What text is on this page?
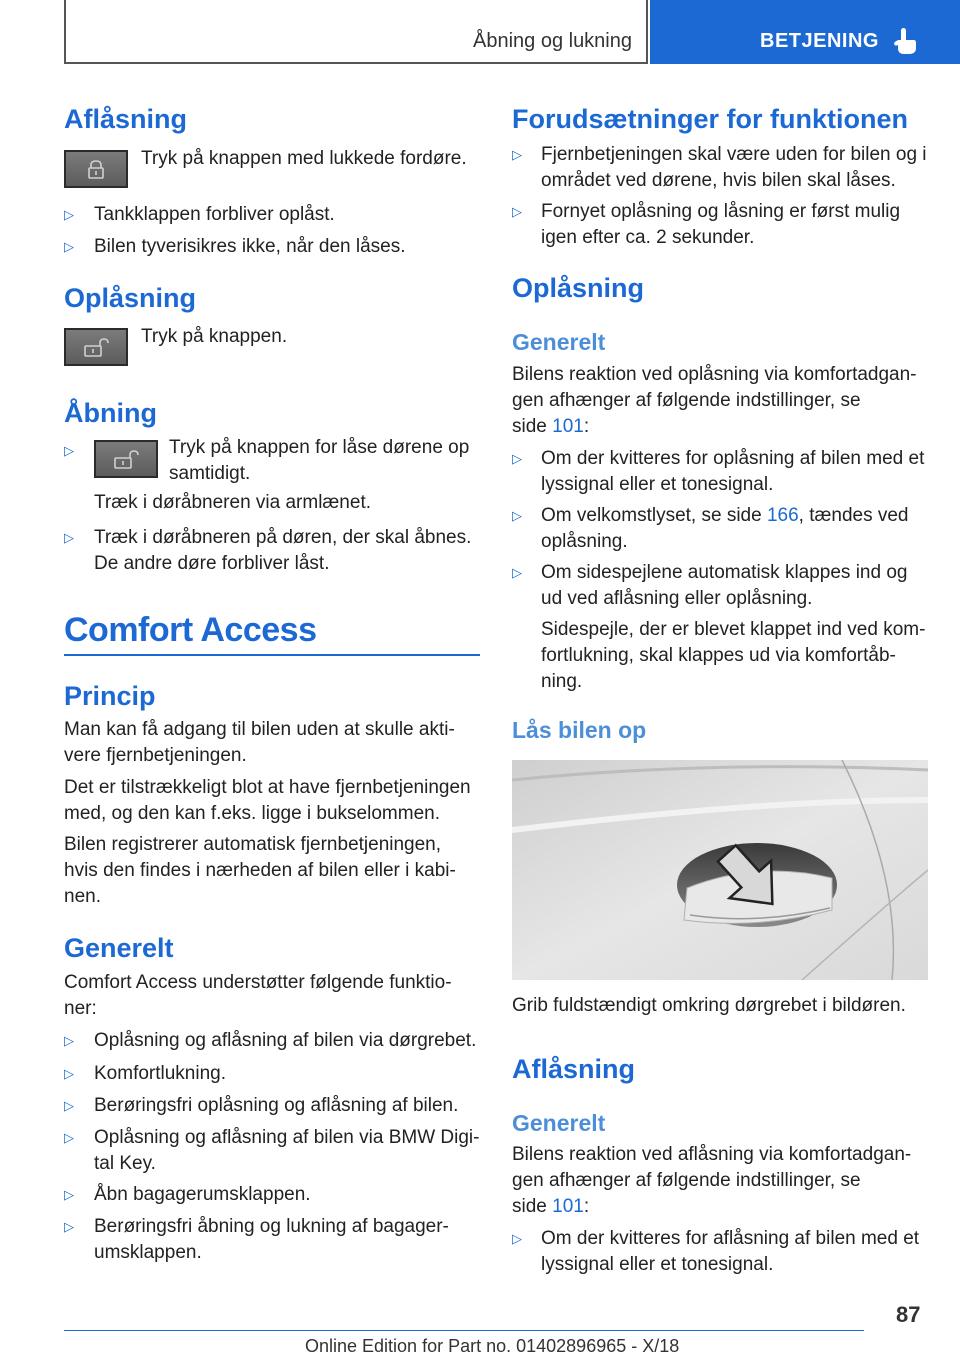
Åbning og lukning	BETJENING
Aflåsning

Tryk på knappen med lukkede fordøre.

▷ Tankklappen forbliver oplåst.
▷ Bilen tyverisikres ikke, når den låses.
Oplåsning

Tryk på knappen.

Åbning
▷	Tryk på knappen for låse dørene op

samtidigt.

Træk i døråbneren via armlænet.

▷ Træk i døråbneren på døren, der skal åbnes. De andre døre forbliver låst.
Comfort Access
Princip

Man kan få adgang til bilen uden at skulle akti-vere fjernbetjeningen.

Det er tilstrækkeligt blot at have fjernbetjeningen med, og den kan f.eks. ligge i bukselommen.

Bilen registrerer automatisk fjernbetjeningen, hvis den findes i nærheden af bilen eller i kabi-nen.

Generelt

Comfort Access understøtter følgende funktio-ner:

▷ Oplåsning og aflåsning af bilen via dørgrebet.
▷ Komfortlukning.
▷ Berøringsfri oplåsning og aflåsning af bilen.
▷ Oplåsning og aflåsning af bilen via BMW Digi-tal Key.
▷ Åbn bagagerumsklappen.
▷ Berøringsfri åbning og lukning af bagager-umsklappen.
Forudsætninger for funktionen
▷ Fjernbetjeningen skal være uden for bilen og i området ved dørene, hvis bilen skal låses.
▷ Fornyet oplåsning og låsning er først mulig igen efter ca. 2 sekunder.
Oplåsning
Generelt

Bilens reaktion ved oplåsning via komfortadgan-gen afhænger af følgende indstillinger, se
side 101:

▷ Om der kvitteres for oplåsning af bilen med et lyssignal eller et tonesignal.
▷ Om velkomstlyset, se side 166, tændes ved oplåsning.
▷ Om sidespejlene automatisk klappes ind og ud ved aflåsning eller oplåsning.

Sidespejle, der er blevet klappet ind ved kom-fortlukning, skal klappes ud via komfortåb-ning.

Lås bilen op

Grib fuldstændigt omkring dørgrebet i bildøren.

Aflåsning
Generelt

Bilens reaktion ved aflåsning via komfortadgan-gen afhænger af følgende indstillinger, se
side 101:

▷ Om der kvitteres for aflåsning af bilen med et lyssignal eller et tonesignal.
87
Online Edition for Part no. 01402896965 - X/18
